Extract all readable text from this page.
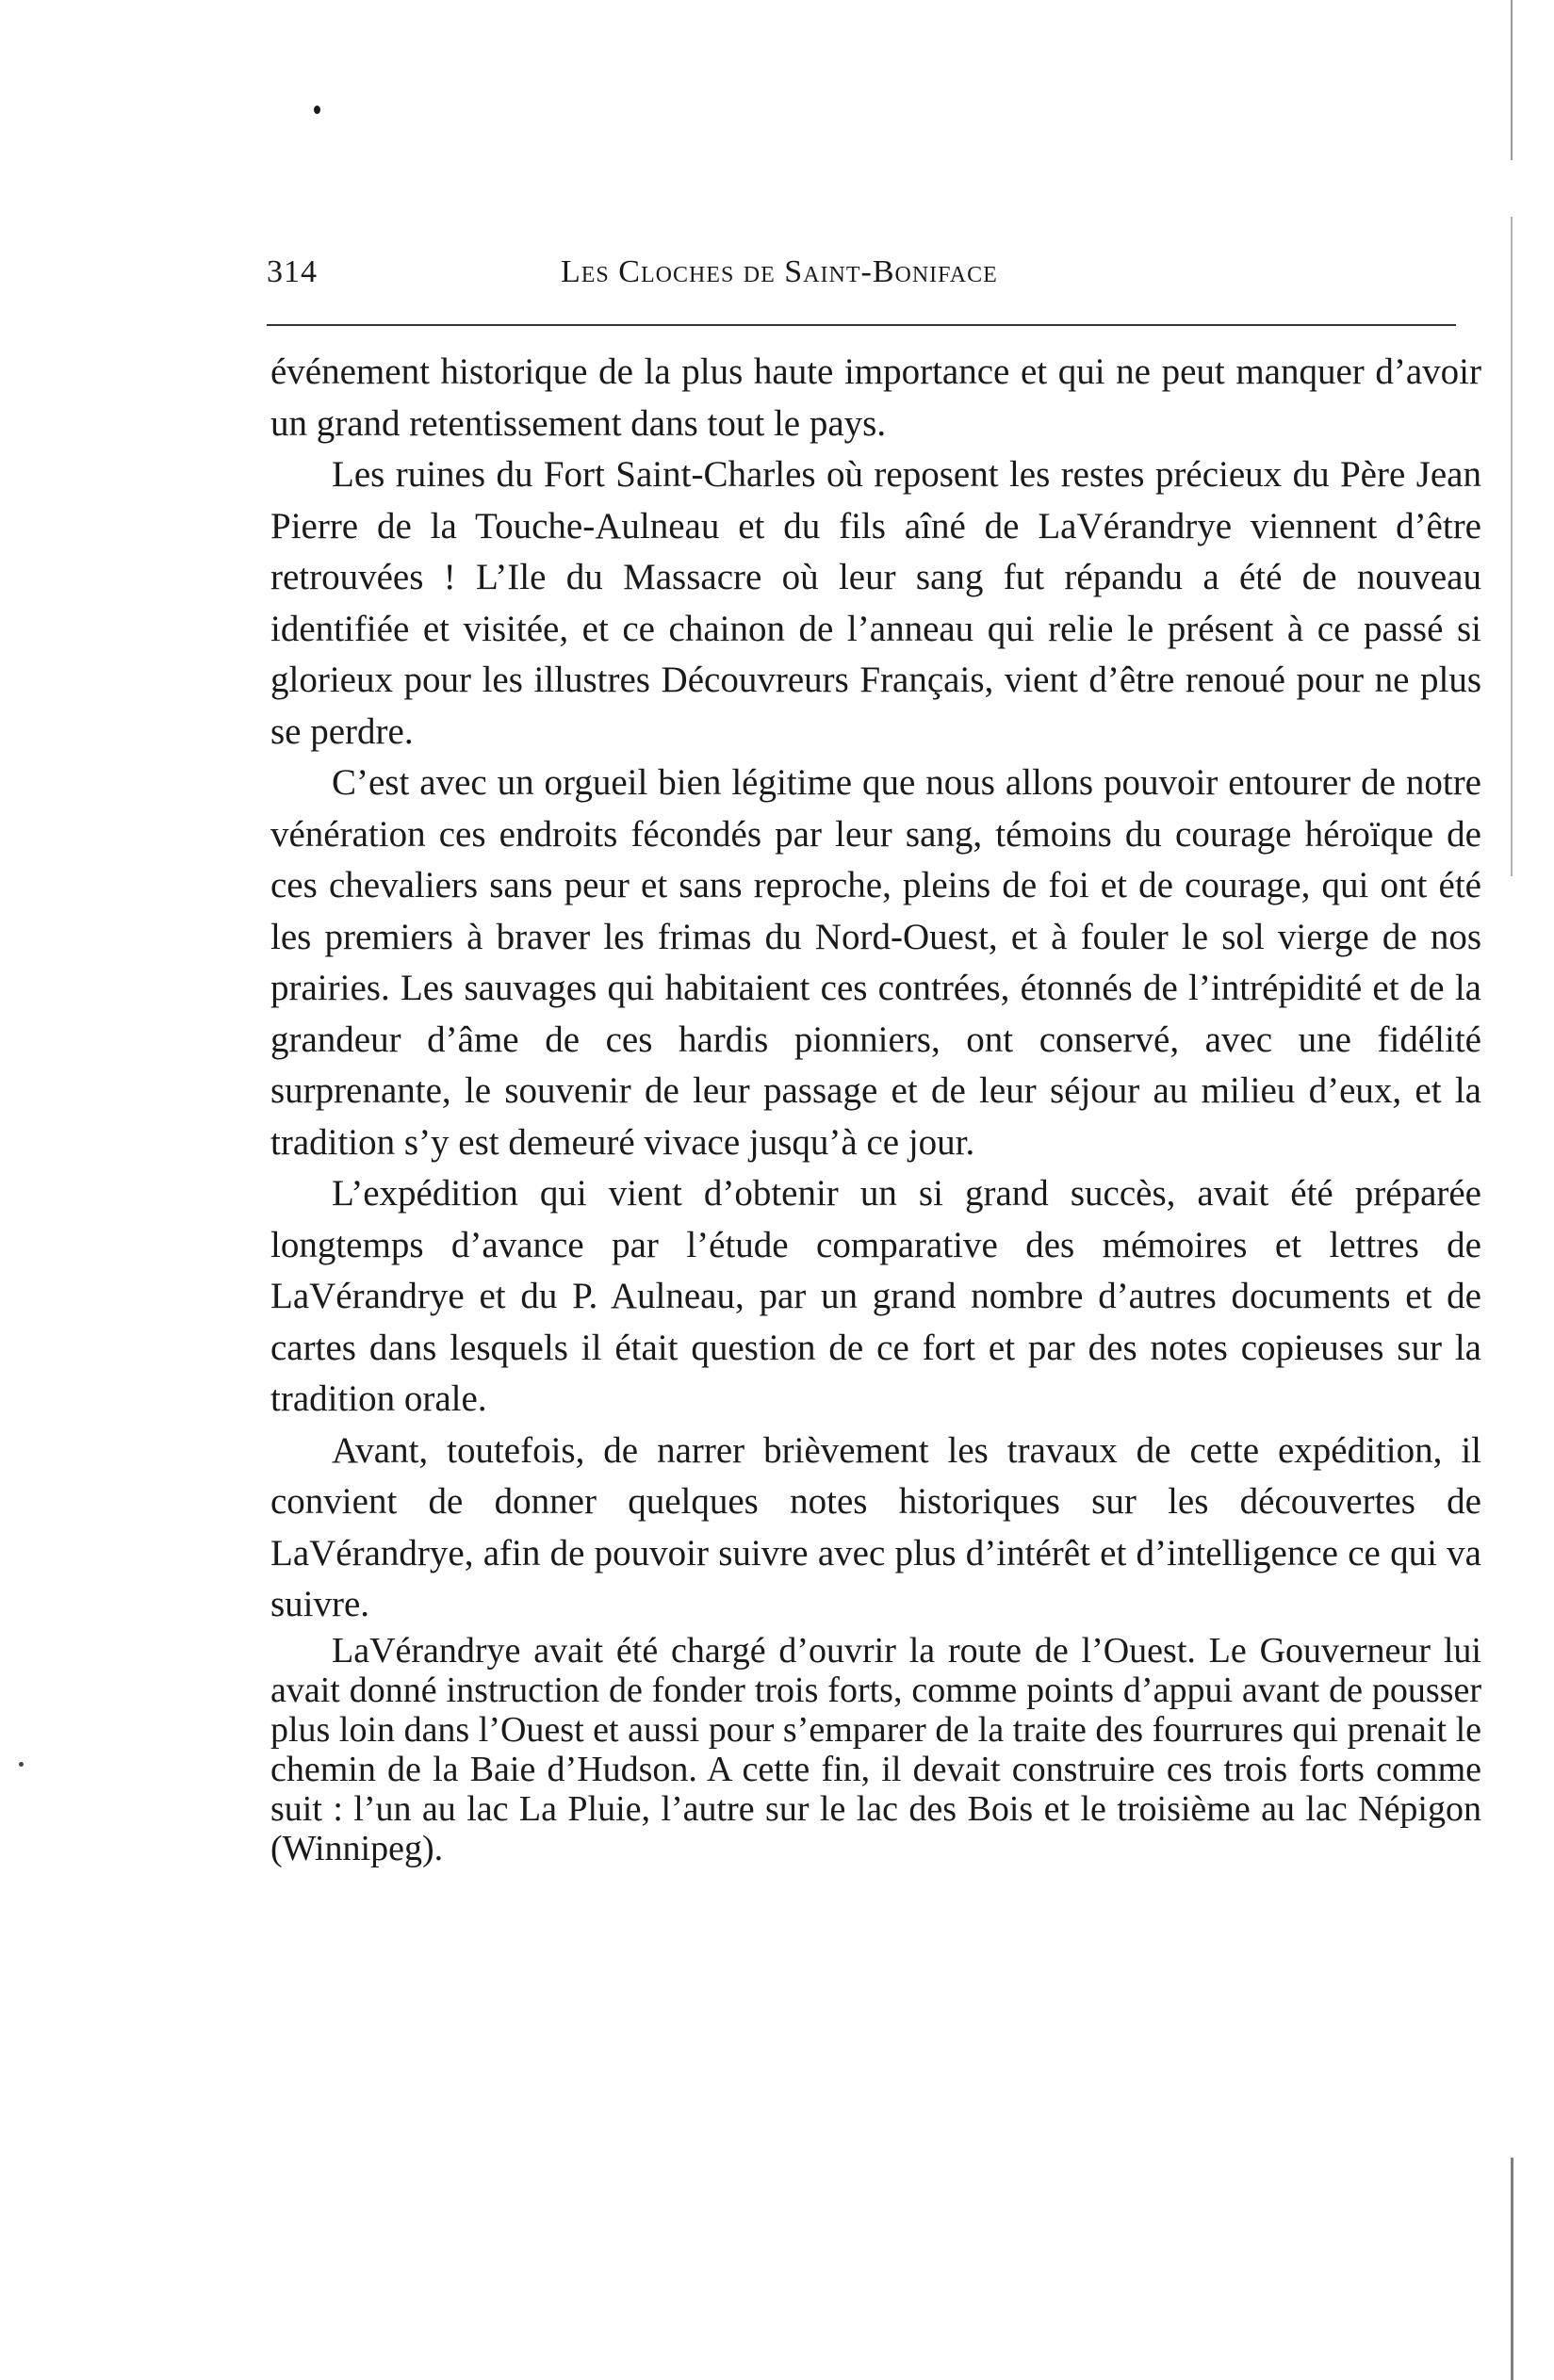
314	Les Cloches de Saint-Boniface

événement historique de la plus haute importance et qui ne peut manquer d’avoir un grand retentissement dans tout le pays.

Les ruines du Fort Saint-Charles où reposent les restes précieux du Père Jean Pierre de la Touche-Aulneau et du fils aîné de LaVérandrye viennent d’être retrouvées ! L’Ile du Massacre où leur sang fut répandu a été de nouveau identifiée et visitée, et ce chainon de l’anneau qui relie le présent à ce passé si glorieux pour les illustres Découvreurs Français, vient d’être renoué pour ne plus se perdre.

C’est avec un orgueil bien légitime que nous allons pouvoir entourer de notre vénération ces endroits fécondés par leur sang, témoins du courage héroïque de ces chevaliers sans peur et sans reproche, pleins de foi et de courage, qui ont été les premiers à braver les frimas du Nord-Ouest, et à fouler le sol vierge de nos prairies. Les sauvages qui habitaient ces contrées, étonnés de l’intrépidité et de la grandeur d’âme de ces hardis pionniers, ont conservé, avec une fidélité surprenante, le souvenir de leur passage et de leur séjour au milieu d’eux, et la tradition s’y est demeuré vivace jusqu’à ce jour.

L’expédition qui vient d’obtenir un si grand succès, avait été préparée longtemps d’avance par l’étude comparative des mémoires et lettres de LaVérandrye et du P. Aulneau, par un grand nombre d’autres documents et de cartes dans lesquels il était question de ce fort et par des notes copieuses sur la tradition orale.

Avant, toutefois, de narrer brièvement les travaux de cette expédition, il convient de donner quelques notes historiques sur les découvertes de LaVérandrye, afin de pouvoir suivre avec plus d’intérêt et d’intelligence ce qui va suivre.

LaVérandrye avait été chargé d’ouvrir la route de l’Ouest. Le Gouverneur lui avait donné instruction de fonder trois forts, comme points d’appui avant de pousser plus loin dans l’Ouest et aussi pour s’emparer de la traite des fourrures qui prenait le chemin de la Baie d’Hudson. A cette fin, il devait construire ces trois forts comme suit : l’un au lac La Pluie, l’autre sur le lac des Bois et le troisième au lac Népigon (Winnipeg).
